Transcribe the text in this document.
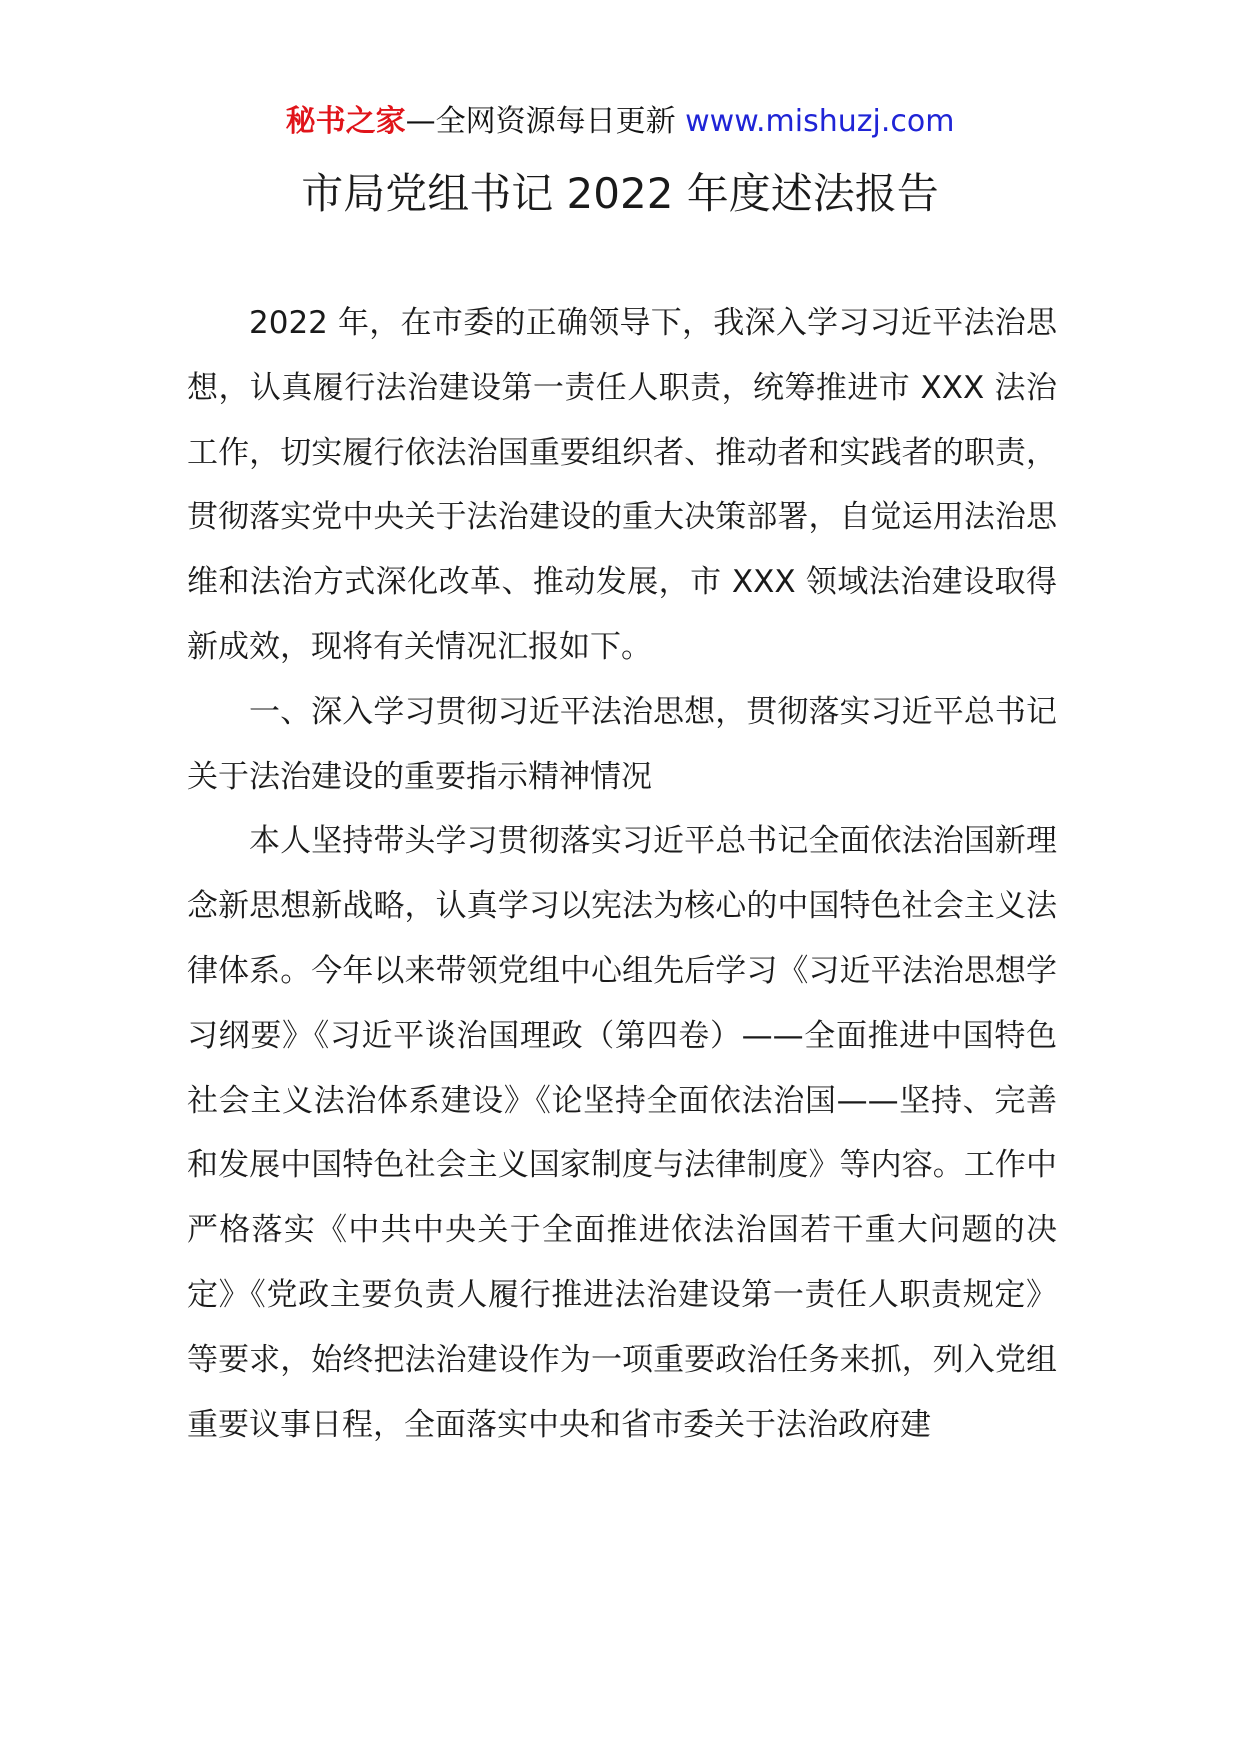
秘书之家—全网资源每日更新 www.mishuzj.com
市局党组书记 2022 年度述法报告

2022 年，在市委的正确领导下，我深入学习习近平法治思想，认真履行法治建设第一责任人职责，统筹推进市 XXX 法治工作，切实履行依法治国重要组织者、推动者和实践者的职责，贯彻落实党中央关于法治建设的重大决策部署，自觉运用法治思维和法治方式深化改革、推动发展，市 XXX 领域法治建设取得新成效，现将有关情况汇报如下。

一、深入学习贯彻习近平法治思想，贯彻落实习近平总书记关于法治建设的重要指示精神情况

本人坚持带头学习贯彻落实习近平总书记全面依法治国新理念新思想新战略，认真学习以宪法为核心的中国特色社会主义法律体系。今年以来带领党组中心组先后学习《习近平法治思想学习纲要》《习近平谈治国理政（第四卷）——全面推进中国特色社会主义法治体系建设》《论坚持全面依法治国——坚持、完善和发展中国特色社会主义国家制度与法律制度》等内容。工作中严格落实《中共中央关于全面推进依法治国若干重大问题的决定》《党政主要负责人履行推进法治建设第一责任人职责规定》等要求，始终把法治建设作为一项重要政治任务来抓，列入党组重要议事日程，全面落实中央和省市委关于法治政府建
